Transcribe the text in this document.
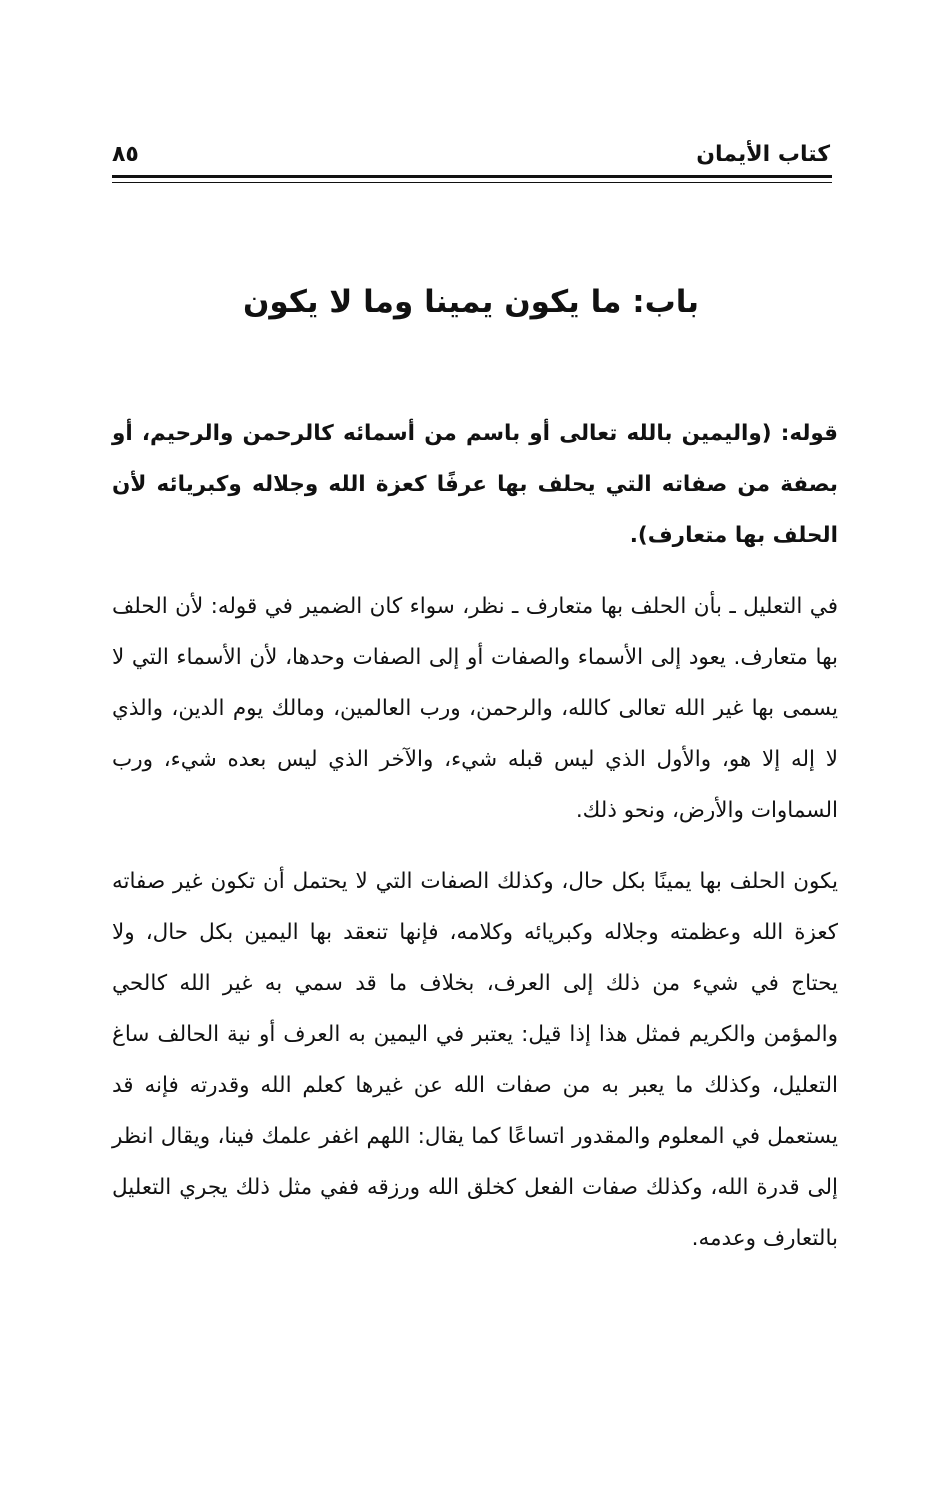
كتاب الأيمان
٨٥
باب: ما يكون يمينا وما لا يكون

قوله: (واليمين بالله تعالى أو باسم من أسمائه كالرحمن والرحيم، أو بصفة من صفاته التي يحلف بها عرفًا كعزة الله وجلاله وكبريائه لأن الحلف بها متعارف).

في التعليل ـ بأن الحلف بها متعارف ـ نظر، سواء كان الضمير في قوله: لأن الحلف بها متعارف. يعود إلى الأسماء والصفات أو إلى الصفات وحدها، لأن الأسماء التي لا يسمى بها غير الله تعالى كالله، والرحمن، ورب العالمين، ومالك يوم الدين، والذي لا إله إلا هو، والأول الذي ليس قبله شيء، والآخر الذي ليس بعده شيء، ورب السماوات والأرض، ونحو ذلك.

يكون الحلف بها يمينًا بكل حال، وكذلك الصفات التي لا يحتمل أن تكون غير صفاته كعزة الله وعظمته وجلاله وكبريائه وكلامه، فإنها تنعقد بها اليمين بكل حال، ولا يحتاج في شيء من ذلك إلى العرف، بخلاف ما قد سمي به غير الله كالحي والمؤمن والكريم فمثل هذا إذا قيل: يعتبر في اليمين به العرف أو نية الحالف ساغ التعليل، وكذلك ما يعبر به من صفات الله عن غيرها كعلم الله وقدرته فإنه قد يستعمل في المعلوم والمقدور اتساعًا كما يقال: اللهم اغفر علمك فينا، ويقال انظر إلى قدرة الله، وكذلك صفات الفعل كخلق الله ورزقه ففي مثل ذلك يجري التعليل بالتعارف وعدمه.
